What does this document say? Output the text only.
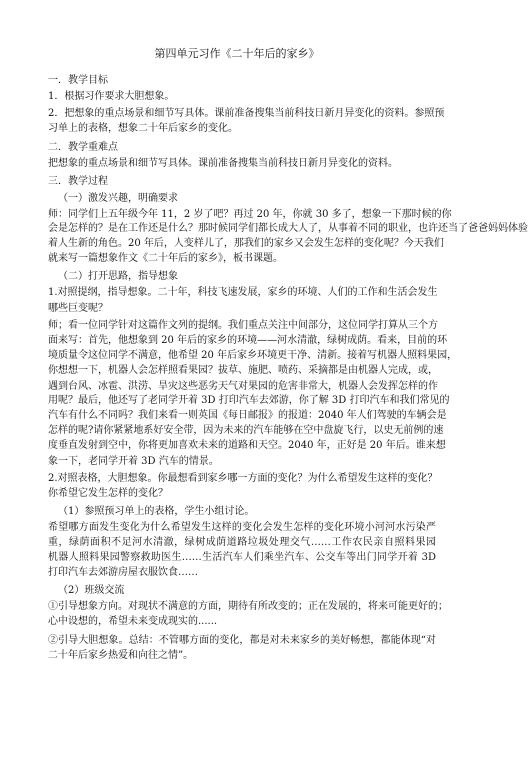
第四单元习作《二十年后的家乡》
一．教学目标
1．根据习作要求大胆想象。
2．把想象的重点场景和细节写具体。课前准备搜集当前科技日新月异变化的资料。参照预
习单上的表格，想象二十年后家乡的变化。
二．教学重难点
把想象的重点场景和细节写具体。课前准备搜集当前科技日新月异变化的资料。
三．教学过程
（一）激发兴趣，明确要求
师：同学们上五年级今年 11，2 岁了吧？再过 20 年，你就 30 多了，想象一下那时候的你
会是怎样的？是在工作还是什么？那时候同学们都长成大人了，从事着不同的职业，也许还当了爸爸妈妈体验
着人生新的角色。20 年后，人变样儿了，那我们的家乡又会发生怎样的变化呢？今天我们
就来写一篇想象作文《二十年后的家乡》，板书课题。
（二）打开思路，指导想象
1.对照提纲，指导想象。二十年，科技飞速发展，家乡的环境、人们的工作和生活会发生
哪些巨变呢？
师；看一位同学针对这篇作文列的提纲。我们重点关注中间部分，这位同学打算从三个方
面来写：首先，他想象到 20 年后的家乡的环境——河水清澈，绿树成荫。看来，目前的环
境质量令这位同学不满意，他希望 20 年后家乡环境更干净、清新。接着写机器人照料果园，
你想想一下，机器人会怎样照看果园？拔草、施肥、喷药、采摘都是由机器人完成，或，
遇到台风、冰雹、洪涝、旱灾这些恶劣天气对果园的危害非常大，机器人会发挥怎样的作
用呢？最后，他还写了老同学开着 3D 打印汽车去郊游，你了解 3D 打印汽车和我们常见的
汽车有什么不同吗？我们来看一则英国《每日邮报》的报道：2040 年人们驾驶的车辆会是
怎样的呢?请你紧紧地系好安全带，因为未来的汽车能够在空中盘旋飞行，以史无前例的速
度垂直发射到空中，你将更加喜欢未来的道路和天空。2040 年，正好是 20 年后。谁来想
象一下，老同学开着 3D 汽车的情景。
2.对照表格，大胆想象。你最想看到家乡哪一方面的变化？为什么希望发生这样的变化？
你希望它发生怎样的变化？
（1）参照预习单上的表格，学生小组讨论。
希望哪方面发生变化为什么希望发生这样的变化会发生怎样的变化环境小河河水污染严
重，绿荫面积不足河水清澈，绿树成荫道路垃圾处理交气……工作农民亲自照料果园
机器人照料果园警察救助医生……生活汽车人们乘坐汽车、公交车等出门同学开着 3D
打印汽车去郊游房屋衣服饮食……
（2）班级交流
①引导想象方向。对现状不满意的方面，期待有所改变的；正在发展的，将来可能更好的；
心中设想的，希望未来变成现实的......
②引导大胆想象。总结：不管哪方面的变化，都是对未来家乡的美好畅想，都能体现“对
二十年后家乡热爱和向往之情”。
